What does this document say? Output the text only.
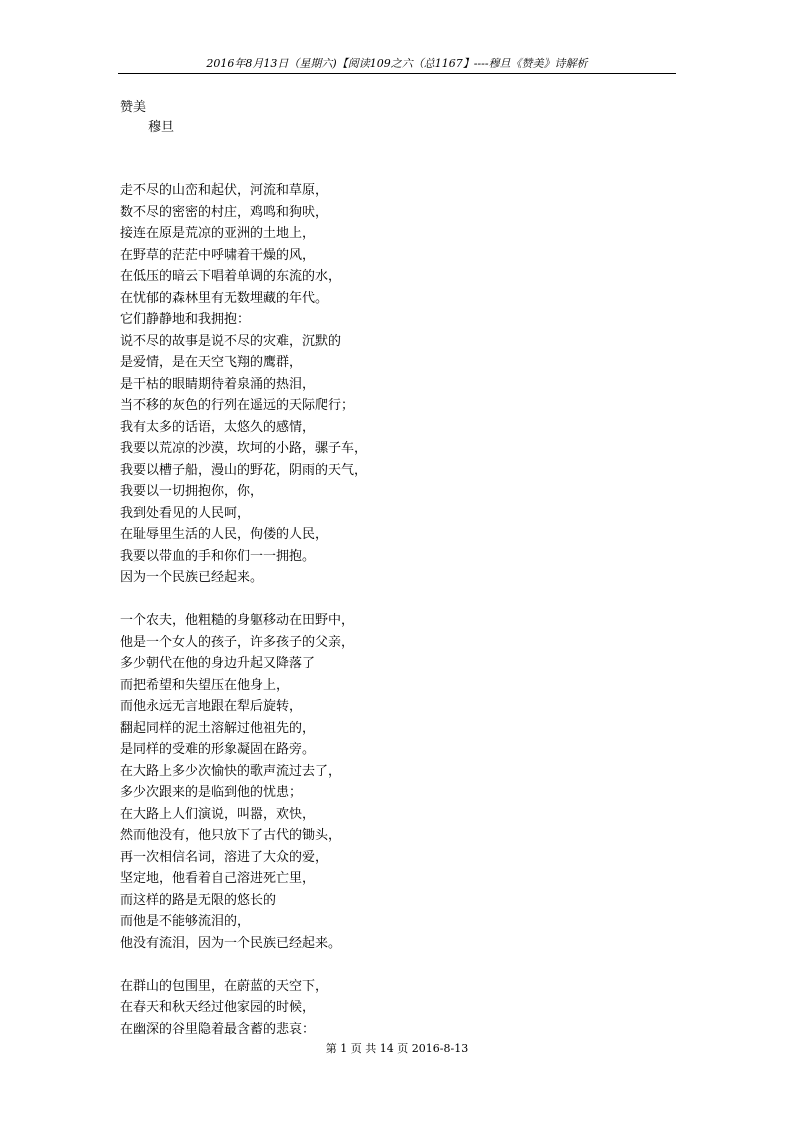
2016年8月13日（星期六)【阅读109之六（总1167】----穆旦《赞美》诗解析
赞美
穆旦
走不尽的山峦和起伏，河流和草原，
数不尽的密密的村庄，鸡鸣和狗吠，
接连在原是荒凉的亚洲的土地上，
在野草的茫茫中呼啸着干燥的风，
在低压的暗云下唱着单调的东流的水，
在忧郁的森林里有无数埋藏的年代。
它们静静地和我拥抱：
说不尽的故事是说不尽的灾难，沉默的
是爱情，是在天空飞翔的鹰群，
是干枯的眼睛期待着泉涌的热泪，
当不移的灰色的行列在遥远的天际爬行；
我有太多的话语，太悠久的感情，
我要以荒凉的沙漠，坎坷的小路，骡子车，
我要以槽子船，漫山的野花，阴雨的天气，
我要以一切拥抱你，你，
我到处看见的人民呵，
在耻辱里生活的人民，佝偻的人民，
我要以带血的手和你们一一拥抱。
因为一个民族已经起来。
一个农夫，他粗糙的身躯移动在田野中，
他是一个女人的孩子，许多孩子的父亲，
多少朝代在他的身边升起又降落了
而把希望和失望压在他身上，
而他永远无言地跟在犁后旋转，
翻起同样的泥土溶解过他祖先的，
是同样的受难的形象凝固在路旁。
在大路上多少次愉快的歌声流过去了，
多少次跟来的是临到他的忧患；
在大路上人们演说，叫嚣，欢快，
然而他没有，他只放下了古代的锄头，
再一次相信名词，溶进了大众的爱，
坚定地，他看着自己溶进死亡里，
而这样的路是无限的悠长的
而他是不能够流泪的，
他没有流泪，因为一个民族已经起来。
在群山的包围里，在蔚蓝的天空下，
在春天和秋天经过他家园的时候，
在幽深的谷里隐着最含蓄的悲哀：
第 1 页 共 14 页 2016-8-13
